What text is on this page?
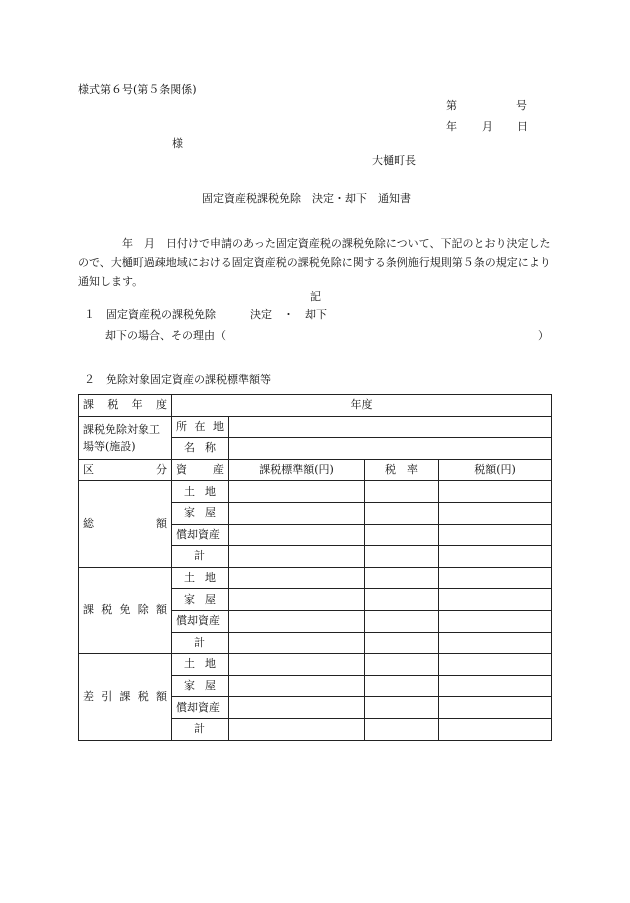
様式第６号(第５条関係)
第	号
年 月 日
様
大樋町長
固定資産税課税免除　決定・却下　通知書
年　月　日付けで申請のあった固定資産税の課税免除について、下記のとおり決定したので、大樋町過疎地域における固定資産税の課税免除に関する条例施行規則第５条の規定により通知します。
記
１　固定資産税の課税免除	決定　・　却下
却下の場合、その理由（	）
２　免除対象固定資産の課税標準額等
課 税 年 度	年度			
課税免除対象工場等(施設)	所 在 地			

	名 称			

区 分	資 産	課税標準額(円)	税　率	税額(円)

総 額	土 地			

	家 屋			

	償却資産			
	計			

課 税 免 除 額	土 地			

	家 屋			

	償却資産			
	計			

差 引 課 税 額	土 地			

	家 屋			

	償却資産			
	計			
